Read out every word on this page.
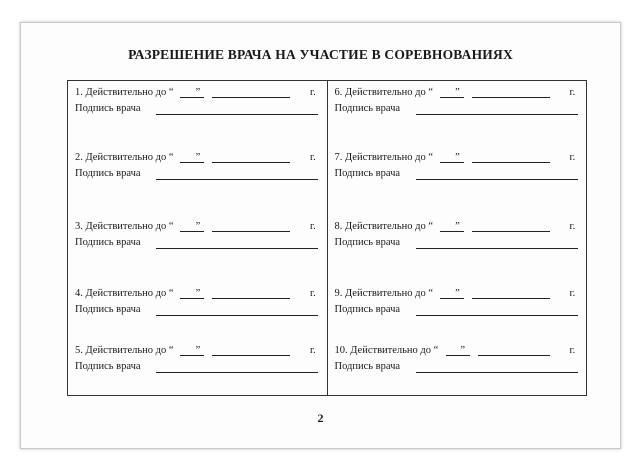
РАЗРЕШЕНИЕ ВРАЧА НА УЧАСТИЕ В СОРЕВНОВАНИЯХ
1. Действительно до “ ”	г.
Подпись врача
2. Действительно до “ ”	г.
Подпись врача
3. Действительно до “ ”	г.
Подпись врача
4. Действительно до “ ”	г.
Подпись врача
5. Действительно до “ ”	г.
Подпись врача
6. Действительно до “ ”	г.
Подпись врача
7. Действительно до “ ”	г.
Подпись врача
8. Действительно до “ ”	г.
Подпись врача
9. Действительно до “ ”	г.
Подпись врача
10. Действительно до “ ”	г.
Подпись врача
2
